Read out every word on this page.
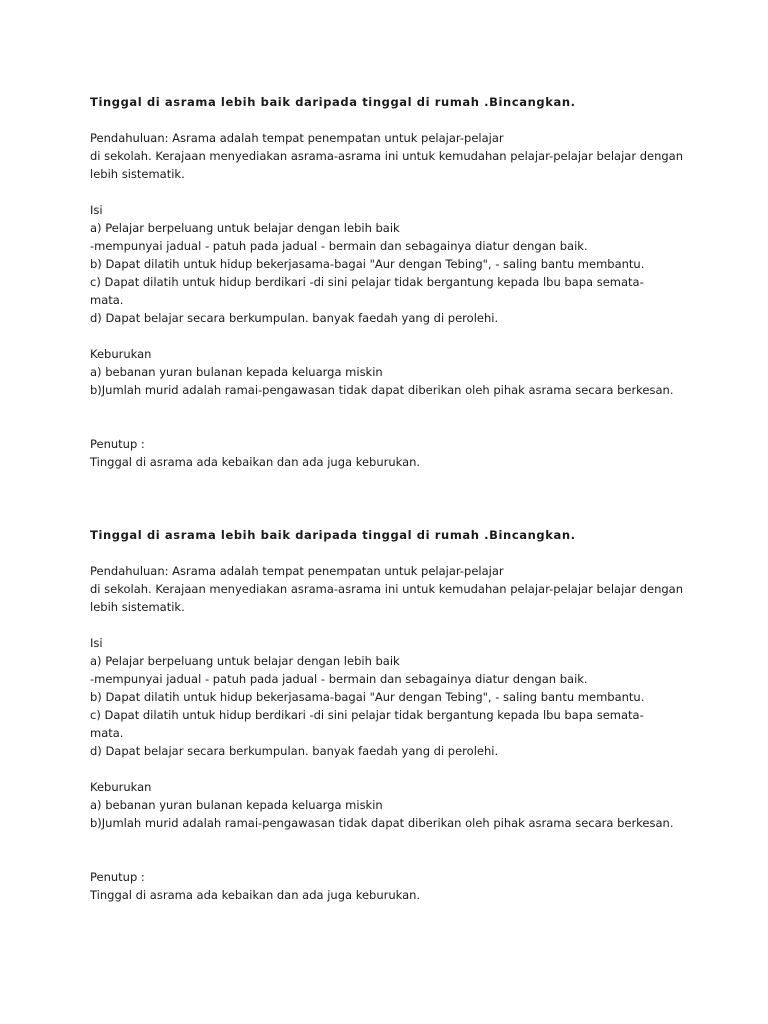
Tinggal di asrama lebih baik daripada tinggal di rumah .Bincangkan.

Pendahuluan: Asrama adalah tempat penempatan untuk pelajar-pelajar

di sekolah. Kerajaan menyediakan asrama-asrama ini untuk kemudahan pelajar-pelajar belajar dengan

lebih sistematik.

Isi

a) Pelajar berpeluang untuk belajar dengan lebih baik

-mempunyai jadual - patuh pada jadual - bermain dan sebagainya diatur dengan baik.

b) Dapat dilatih untuk hidup bekerjasama-bagai "Aur dengan Tebing", - saling bantu membantu.

c) Dapat dilatih untuk hidup berdikari -di sini pelajar tidak bergantung kepada lbu bapa semata-

mata.

d) Dapat belajar secara berkumpulan. banyak faedah yang di perolehi.

Keburukan

a) bebanan yuran bulanan kepada keluarga miskin

b)Jumlah murid adalah ramai-pengawasan tidak dapat diberikan oleh pihak asrama secara berkesan.

Penutup :

Tinggal di asrama ada kebaikan dan ada juga keburukan.

Tinggal di asrama lebih baik daripada tinggal di rumah .Bincangkan.

Pendahuluan: Asrama adalah tempat penempatan untuk pelajar-pelajar

di sekolah. Kerajaan menyediakan asrama-asrama ini untuk kemudahan pelajar-pelajar belajar dengan

lebih sistematik.

Isi

a) Pelajar berpeluang untuk belajar dengan lebih baik

-mempunyai jadual - patuh pada jadual - bermain dan sebagainya diatur dengan baik.

b) Dapat dilatih untuk hidup bekerjasama-bagai "Aur dengan Tebing", - saling bantu membantu.

c) Dapat dilatih untuk hidup berdikari -di sini pelajar tidak bergantung kepada lbu bapa semata-

mata.

d) Dapat belajar secara berkumpulan. banyak faedah yang di perolehi.

Keburukan

a) bebanan yuran bulanan kepada keluarga miskin

b)Jumlah murid adalah ramai-pengawasan tidak dapat diberikan oleh pihak asrama secara berkesan.

Penutup :

Tinggal di asrama ada kebaikan dan ada juga keburukan.
